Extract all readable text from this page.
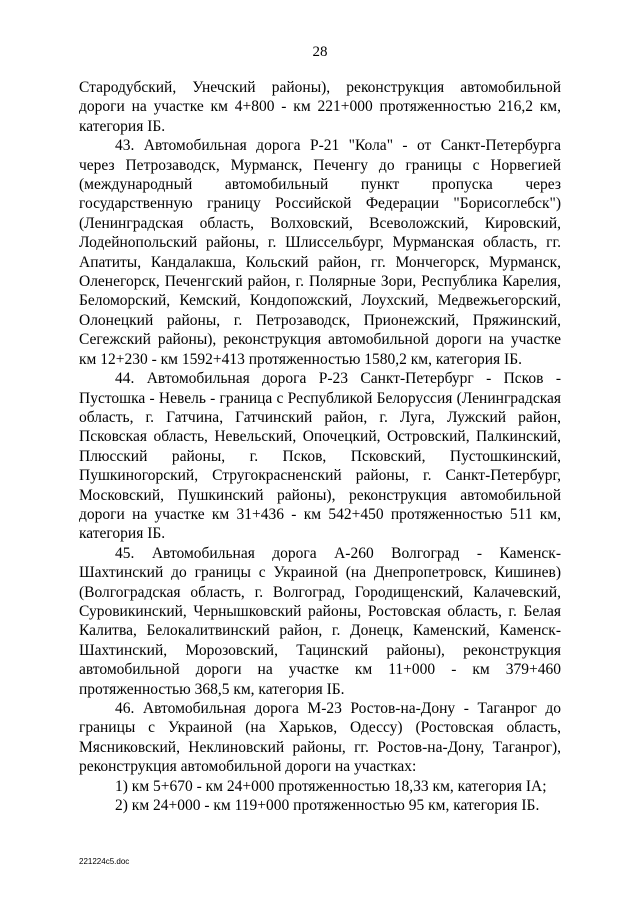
28

Стародубский, Унечский районы), реконструкция автомобильной дороги на участке км 4+800 - км 221+000 протяженностью 216,2 км, категория IБ.

43. Автомобильная дорога Р-21 "Кола" - от Санкт-Петербурга через Петрозаводск, Мурманск, Печенгу до границы с Норвегией (международный автомобильный пункт пропуска через государственную границу Российской Федерации "Борисоглебск") (Ленинградская область, Волховский, Всеволожский, Кировский, Лодейнопольский районы, г. Шлиссельбург, Мурманская область, гг. Апатиты, Кандалакша, Кольский район, гг. Мончегорск, Мурманск, Оленегорск, Печенгский район, г. Полярные Зори, Республика Карелия, Беломорский, Кемский, Кондопожский, Лоухский, Медвежьегорский, Олонецкий районы, г. Петрозаводск, Прионежский, Пряжинский, Сегежский районы), реконструкция автомобильной дороги на участке км 12+230 - км 1592+413 протяженностью 1580,2 км, категория IБ.

44. Автомобильная дорога Р-23 Санкт-Петербург - Псков - Пустошка - Невель - граница с Республикой Белоруссия (Ленинградская область, г. Гатчина, Гатчинский район, г. Луга, Лужский район, Псковская область, Невельский, Опочецкий, Островский, Палкинский, Плюсский районы, г. Псков, Псковский, Пустошкинский, Пушкиногорский, Стругокрасненский районы, г. Санкт-Петербург, Московский, Пушкинский районы), реконструкция автомобильной дороги на участке км 31+436 - км 542+450 протяженностью 511 км, категория IБ.

45. Автомобильная дорога А-260 Волгоград - Каменск-Шахтинский до границы с Украиной (на Днепропетровск, Кишинев) (Волгоградская область, г. Волгоград, Городищенский, Калачевский, Суровикинский, Чернышковский районы, Ростовская область, г. Белая Калитва, Белокалитвинский район, г. Донецк, Каменский, Каменск-Шахтинский, Морозовский, Тацинский районы), реконструкция автомобильной дороги на участке км 11+000 - км 379+460 протяженностью 368,5 км, категория IБ.

46. Автомобильная дорога М-23 Ростов-на-Дону - Таганрог до границы с Украиной (на Харьков, Одессу) (Ростовская область, Мясниковский, Неклиновский районы, гг. Ростов-на-Дону, Таганрог), реконструкция автомобильной дороги на участках:

1) км 5+670 - км 24+000 протяженностью 18,33 км, категория IА;

2) км 24+000 - км 119+000 протяженностью 95 км, категория IБ.

221224c5.doc
